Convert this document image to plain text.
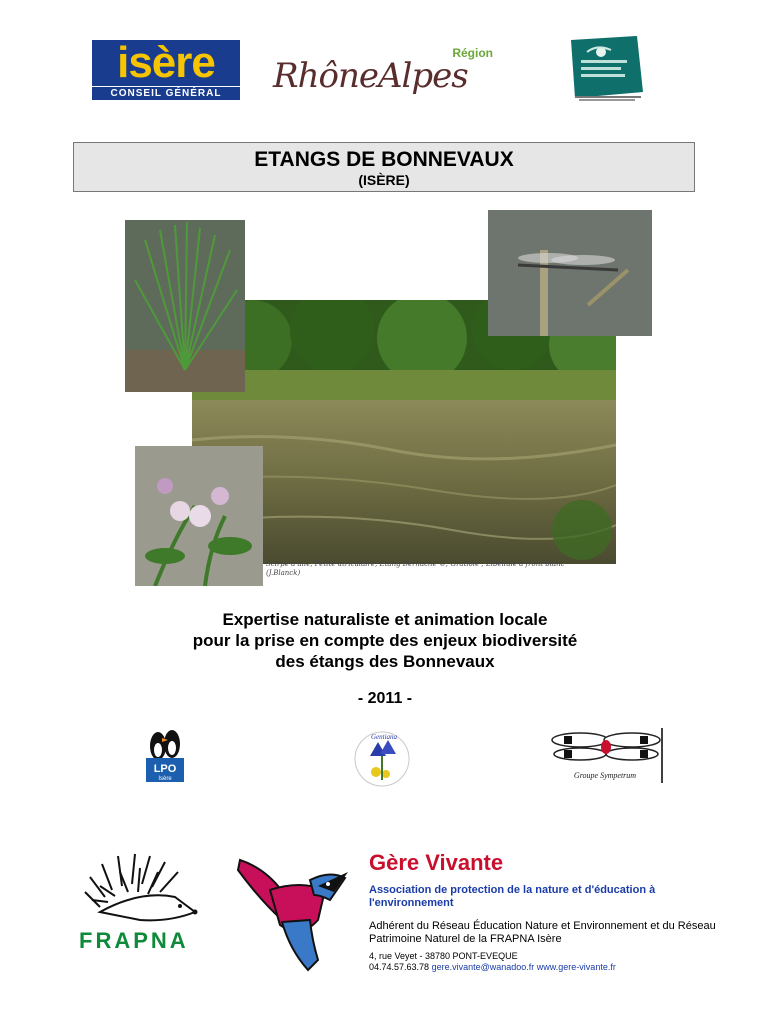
isère
CONSEIL GÉNÉRAL
Région
RhôneAlpes
ETANGS DE BONNEVAUX
(ISÈRE)
Scirpe à aile, Petite utriculaire, Etang Bernache ©; Gratiole ; Libellule à front blanc (J.Blanck)
Expertise naturaliste et animation locale
pour la prise en compte des enjeux biodiversité
des étangs des Bonnevaux
- 2011 -
LPO
Isère
Gentiana
Groupe Sympetrum
FRAPNA
Gère Vivante
Association de protection de la nature et d'éducation à l'environnement
Adhérent du Réseau Éducation Nature et Environnement et du Réseau Patrimoine Naturel de la FRAPNA Isère
4, rue Veyet - 38780 PONT-EVEQUE
04.74.57.63.78 gere.vivante@wanadoo.fr www.gere-vivante.fr
